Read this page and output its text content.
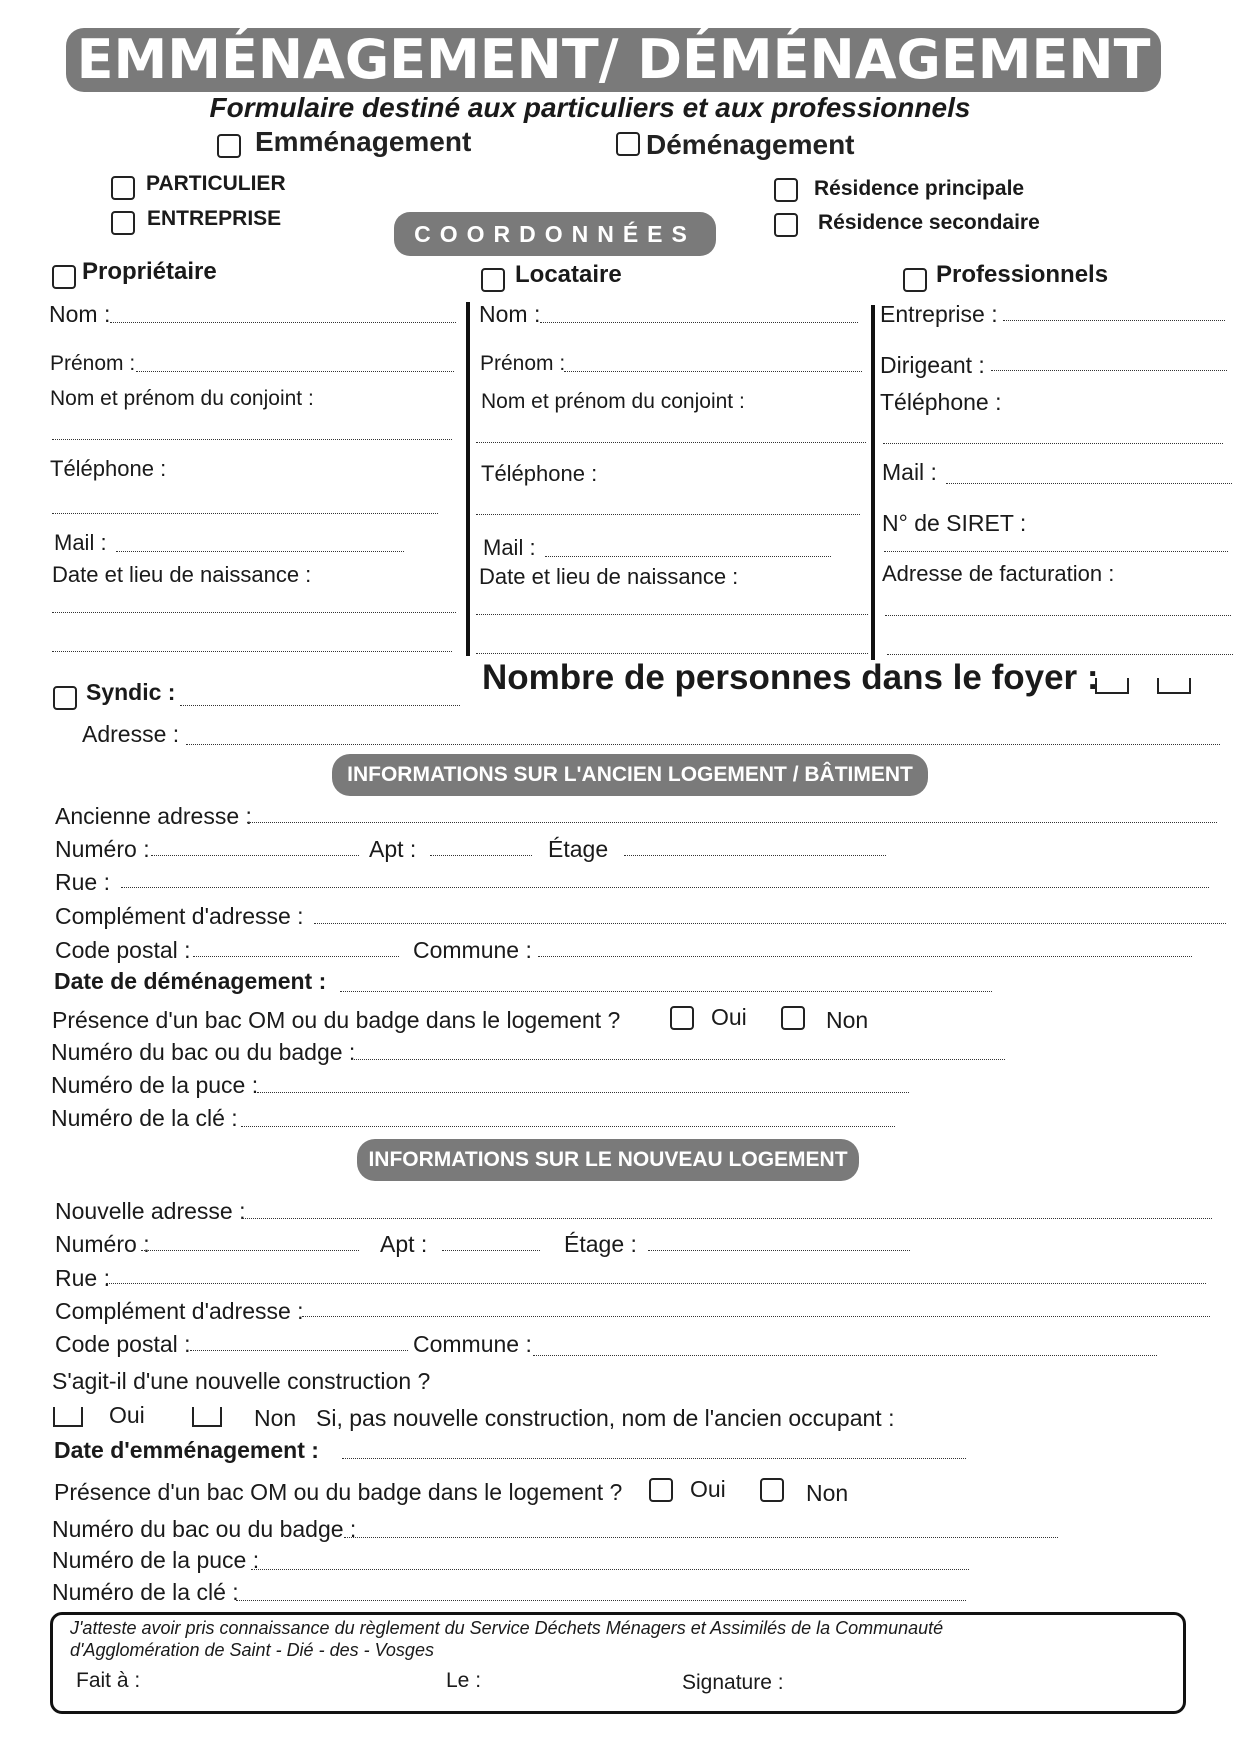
EMMÉNAGEMENT/ DÉMÉNAGEMENT
Formulaire destiné aux particuliers et aux professionnels
Emménagement	Déménagement
PARTICULIER
ENTREPRISE
Résidence principale
Résidence secondaire
COORDONNÉES
Propriétaire	Locataire	Professionnels
Nom :
Prénom :
Nom et prénom du conjoint :
Téléphone :
Mail :
Date et lieu de naissance :
Nom :
Prénom :
Nom et prénom du conjoint :
Téléphone :
Mail :
Date et lieu de naissance :
Entreprise :
Dirigeant :
Téléphone :
Mail :
N° de SIRET :
Adresse de facturation :
Syndic :
Adresse :
Nombre de personnes dans le foyer :
INFORMATIONS SUR L'ANCIEN LOGEMENT / BÂTIMENT
Ancienne adresse :
Numéro :	Apt :	Étage
Rue :
Complément d'adresse :
Code postal :	Commune :
Date de déménagement :
Présence d'un bac OM ou du badge dans le logement ?	Oui	Non
Numéro du bac ou du badge :
Numéro de la puce :
Numéro de la clé :
INFORMATIONS SUR LE NOUVEAU LOGEMENT
Nouvelle adresse :
Numéro :	Apt :	Étage :
Rue :
Complément d'adresse :
Code postal :	Commune :
S'agit-il d'une nouvelle construction ?
Oui	Non Si, pas nouvelle construction, nom de l'ancien occupant :
Date d'emménagement :
Présence d'un bac OM ou du badge dans le logement ?	Oui	Non
Numéro du bac ou du badge :
Numéro de la puce :
Numéro de la clé :
J'atteste avoir pris connaissance du règlement du Service Déchets Ménagers et Assimilés de la Communauté
d'Agglomération de Saint - Dié - des - Vosges
Fait à :	Le :	Signature :
